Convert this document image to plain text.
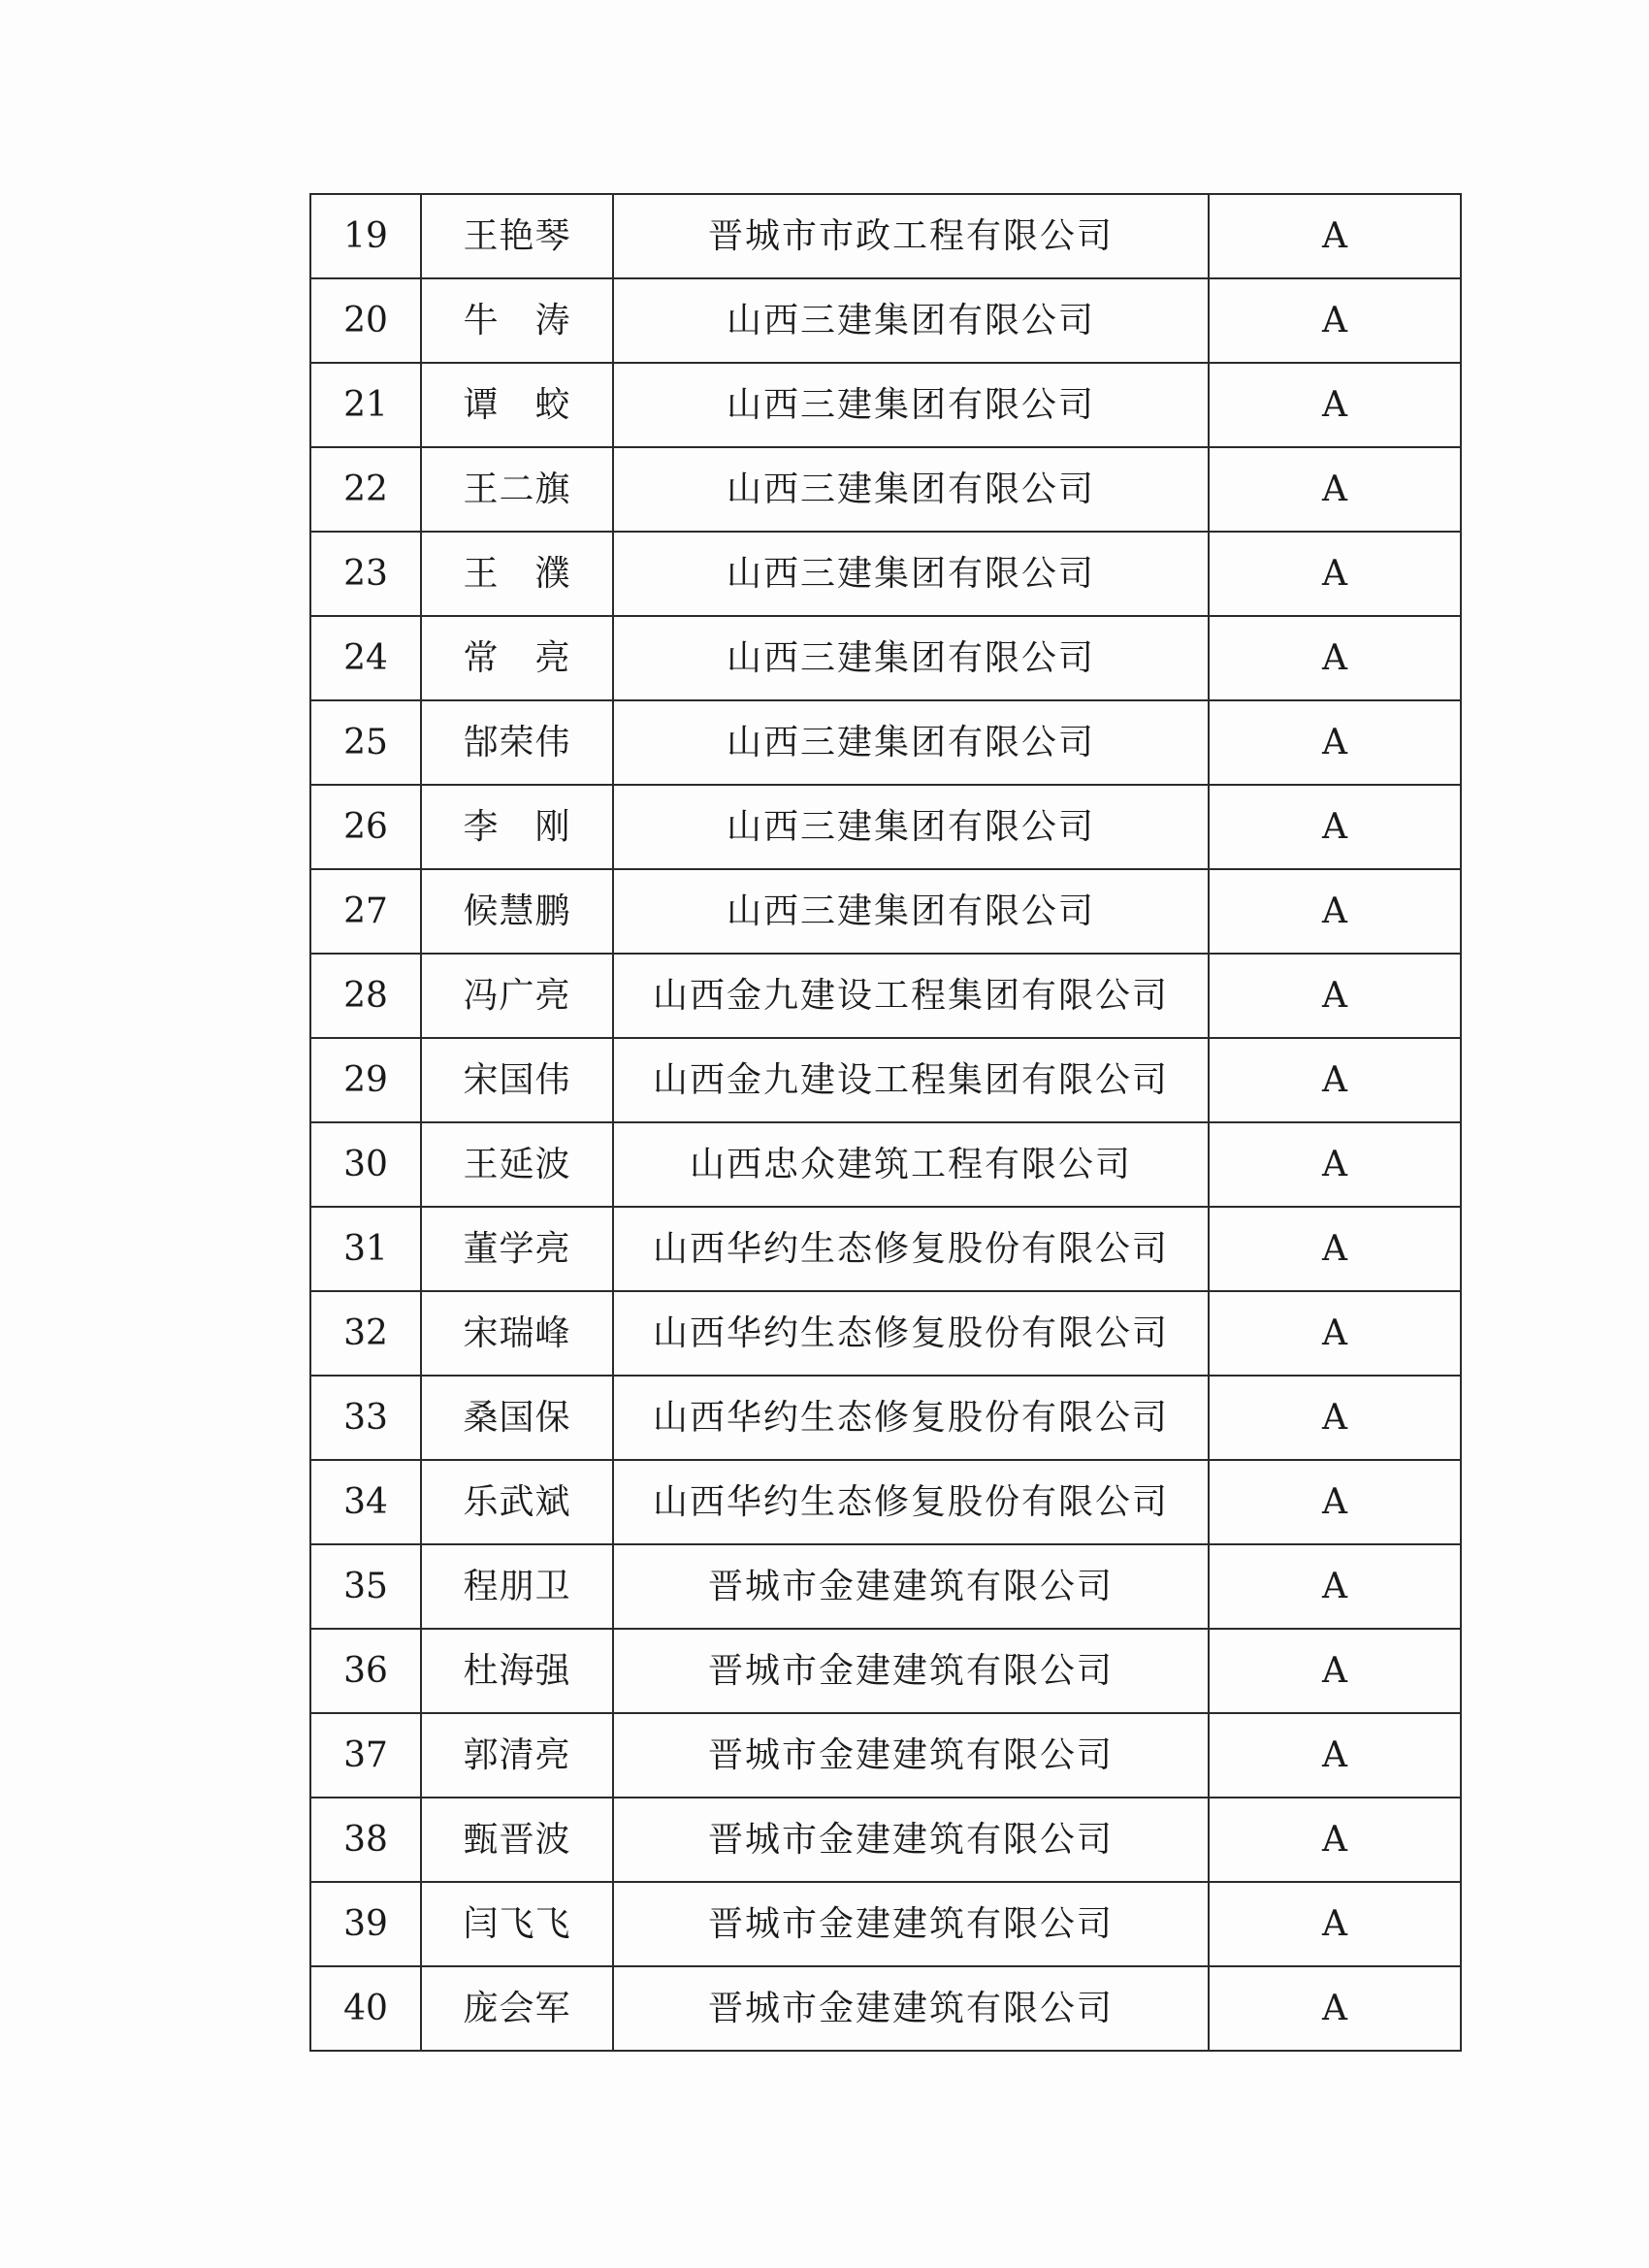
19	王艳琴	晋城市市政工程有限公司	A
20	牛　涛	山西三建集团有限公司	A
21	谭　蛟	山西三建集团有限公司	A
22	王二旗	山西三建集团有限公司	A
23	王　濮	山西三建集团有限公司	A
24	常　亮	山西三建集团有限公司	A
25	郜荣伟	山西三建集团有限公司	A
26	李　刚	山西三建集团有限公司	A
27	候慧鹏	山西三建集团有限公司	A
28	冯广亮	山西金九建设工程集团有限公司	A
29	宋国伟	山西金九建设工程集团有限公司	A
30	王延波	山西忠众建筑工程有限公司	A
31	董学亮	山西华约生态修复股份有限公司	A
32	宋瑞峰	山西华约生态修复股份有限公司	A
33	桑国保	山西华约生态修复股份有限公司	A
34	乐武斌	山西华约生态修复股份有限公司	A
35	程朋卫	晋城市金建建筑有限公司	A
36	杜海强	晋城市金建建筑有限公司	A
37	郭清亮	晋城市金建建筑有限公司	A
38	甄晋波	晋城市金建建筑有限公司	A
39	闫飞飞	晋城市金建建筑有限公司	A
40	庞会军	晋城市金建建筑有限公司	A
